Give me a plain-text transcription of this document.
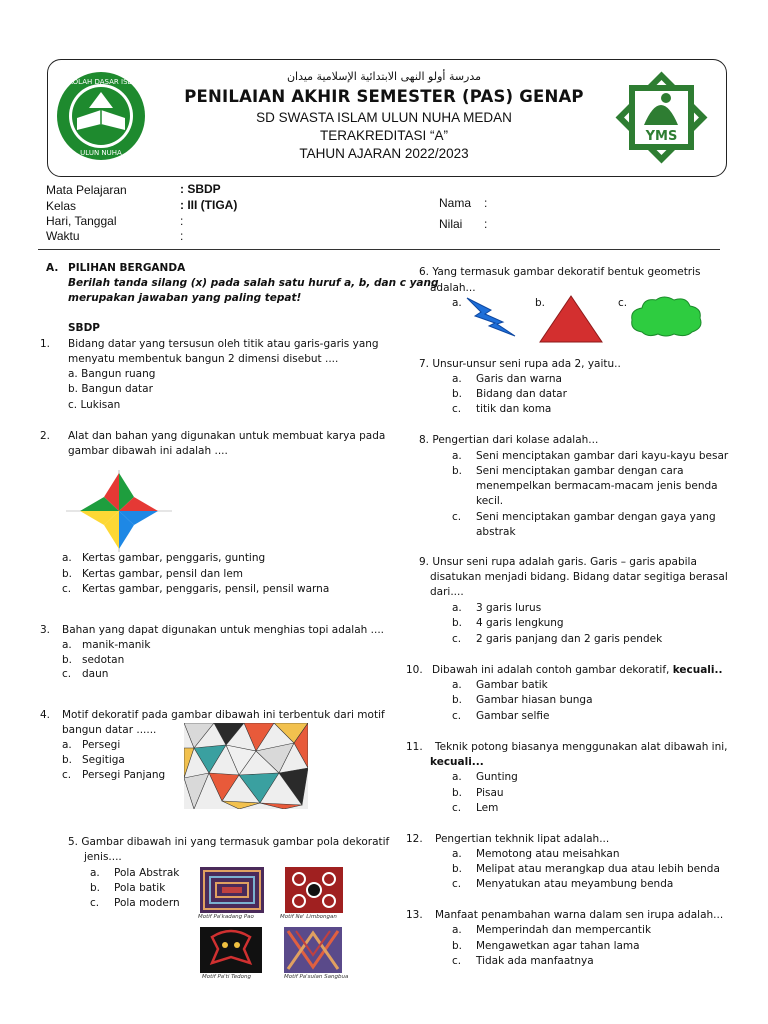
SEKOLAH DASAR ISLAM
ULUN NUHA
YMS
مدرسة أولو النهى الابتدائية الإسلامية ميدان
PENILAIAN AKHIR SEMESTER (PAS) GENAP
SD SWASTA ISLAM ULUN NUHA MEDAN
TERAKREDITASI “A”
TAHUN AJARAN 2022/2023
Mata Pelajaran	: SBDP
Kelas	: III (TIGA)
Hari, Tanggal	:
Waktu	:
Nama :
Nilai :
A. PILIHAN BERGANDA
Berilah tanda silang (x) pada salah satu huruf a, b, dan c yang
merupakan jawaban yang paling tepat!
SBDP
1. Bidang datar yang tersusun oleh titik atau garis-garis yang
menyatu membentuk bangun 2 dimensi disebut ....
a. Bangun ruang
b. Bangun datar
c. Lukisan
2. Alat dan bahan yang digunakan untuk membuat karya pada
gambar dibawah ini adalah ....
a. Kertas gambar, penggaris, gunting
b. Kertas gambar, pensil dan lem
c. Kertas gambar, penggaris, pensil, pensil warna
3. Bahan yang dapat digunakan untuk menghias topi adalah ....
a. manik-manik
b. sedotan
c. daun
4. Motif dekoratif pada gambar dibawah ini terbentuk dari motif
bangun datar ......
a. Persegi
b. Segitiga
c. Persegi Panjang
5. Gambar dibawah ini yang termasuk gambar pola dekoratif
jenis....
a. Pola Abstrak
b. Pola batik
c. Pola modern
Motif Pa'kadang Pao	Motif Ne' Limbongan
Motif Pa'ti Tedong	Motif Pa'sulan Sangbua
6. Yang termasuk gambar dekoratif bentuk geometris
adalah...
a.	b.	c.
7. Unsur-unsur seni rupa ada 2, yaitu..
a. Garis dan warna
b. Bidang dan datar
c. titik dan koma
8. Pengertian dari kolase adalah...
a. Seni menciptakan gambar dari kayu-kayu besar
b. Seni menciptakan gambar dengan cara
menempelkan bermacam-macam jenis benda
kecil.
c. Seni menciptakan gambar dengan gaya yang
abstrak
9. Unsur seni rupa adalah garis. Garis – garis apabila
disatukan menjadi bidang. Bidang datar segitiga berasal
dari....
a. 3 garis lurus
b. 4 garis lengkung
c. 2 garis panjang dan 2 garis pendek
10. Dibawah ini adalah contoh gambar dekoratif, kecuali..
a. Gambar batik
b. Gambar hiasan bunga
c. Gambar selfie
11. Teknik potong biasanya menggunakan alat dibawah ini,
kecuali...
a. Gunting
b. Pisau
c. Lem
12. Pengertian tekhnik lipat adalah...
a. Memotong atau meisahkan
b. Melipat atau merangkap dua atau lebih benda
c. Menyatukan atau meyambung benda
13. Manfaat penambahan warna dalam sen irupa adalah...
a. Memperindah dan mempercantik
b. Mengawetkan agar tahan lama
c. Tidak ada manfaatnya
